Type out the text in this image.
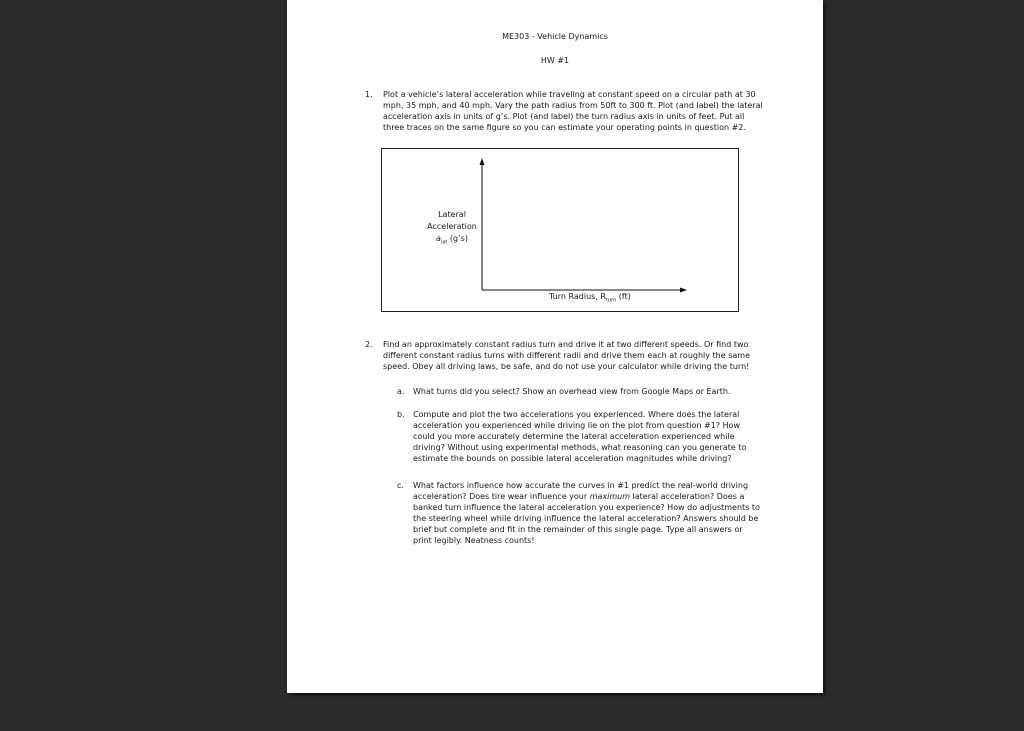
ME303 - Vehicle Dynamics
HW #1
1. Plot a vehicle’s lateral acceleration while traveling at constant speed on a circular path at 30 mph, 35 mph, and 40 mph. Vary the path radius from 50ft to 300 ft. Plot (and label) the lateral acceleration axis in units of g’s. Plot (and label) the turn radius axis in units of feet. Put all three traces on the same figure so you can estimate your operating points in question #2.
Lateral
Acceleration
$a_{lat}$ (g’s)
Turn Radius, $R_{turn}$ (ft)
2. Find an approximately constant radius turn and drive it at two different speeds. Or find two different constant radius turns with different radii and drive them each at roughly the same speed. Obey all driving laws, be safe, and do not use your calculator while driving the turn!
a. What turns did you select? Show an overhead view from Google Maps or Earth.
b. Compute and plot the two accelerations you experienced. Where does the lateral acceleration you experienced while driving lie on the plot from question #1? How could you more accurately determine the lateral acceleration experienced while driving? Without using experimental methods, what reasoning can you generate to estimate the bounds on possible lateral acceleration magnitudes while driving?
c. What factors influence how accurate the curves in #1 predict the real-world driving acceleration? Does tire wear influence your maximum lateral acceleration? Does a banked turn influence the lateral acceleration you experience? How do adjustments to the steering wheel while driving influence the lateral acceleration? Answers should be brief but complete and fit in the remainder of this single page. Type all answers or print legibly. Neatness counts!
